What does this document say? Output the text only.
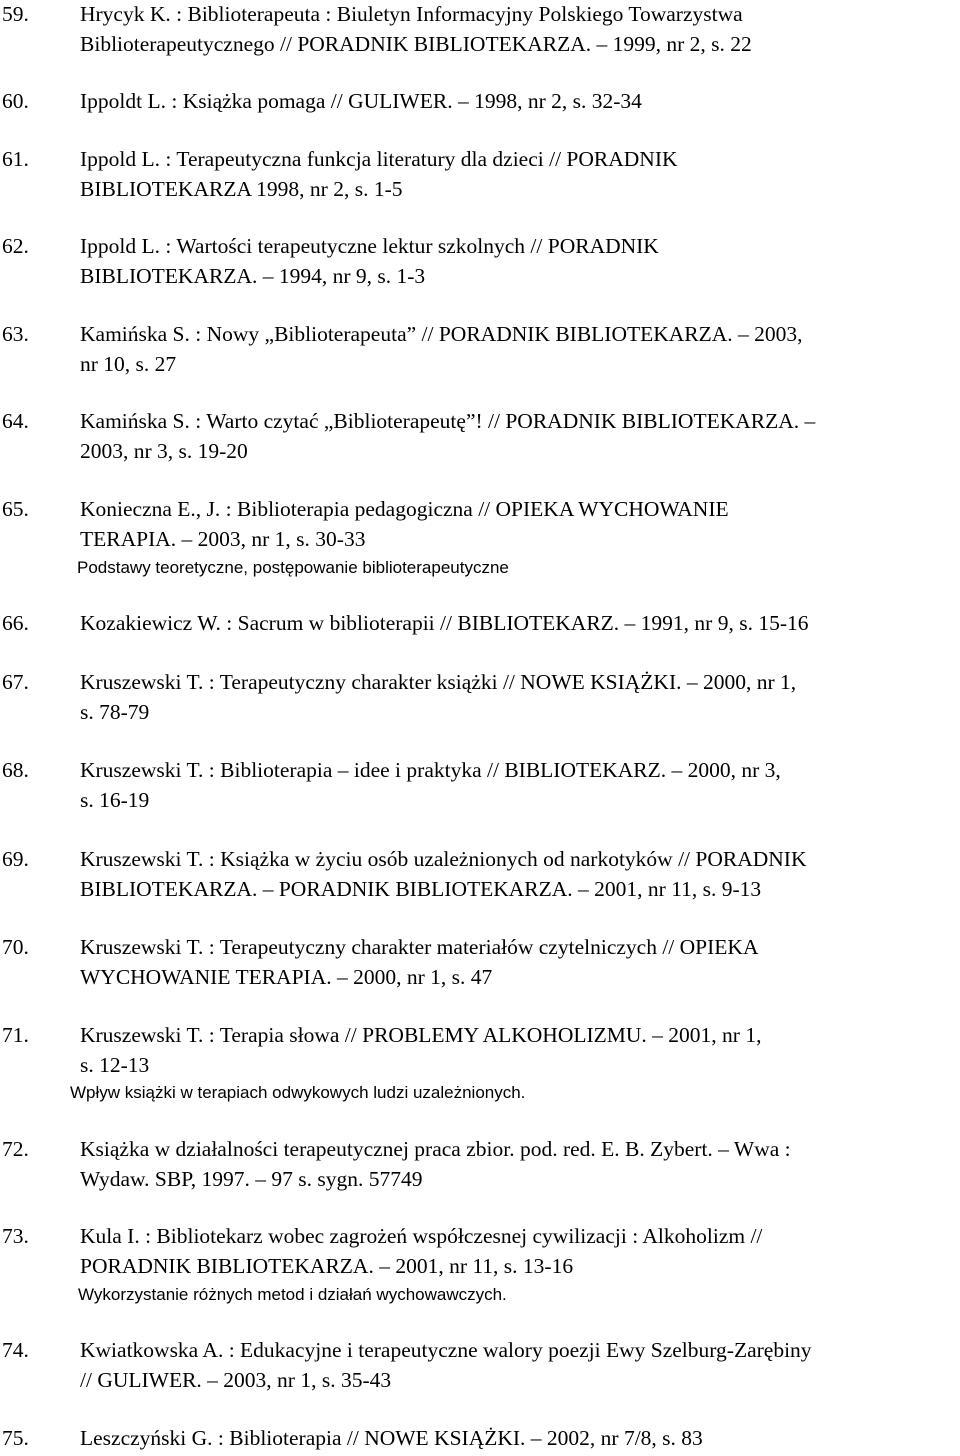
59. Hrycyk K. : Biblioterapeuta : Biuletyn Informacyjny Polskiego Towarzystwa
Biblioterapeutycznego // PORADNIK BIBLIOTEKARZA. – 1999, nr 2, s. 22
60. Ippoldt L. : Książka pomaga // GULIWER. – 1998, nr 2, s. 32-34
61. Ippold L. : Terapeutyczna funkcja literatury dla dzieci // PORADNIK
BIBLIOTEKARZA 1998, nr 2, s. 1-5
62. Ippold L. : Wartości terapeutyczne lektur szkolnych // PORADNIK
BIBLIOTEKARZA. – 1994, nr 9, s. 1-3
63. Kamińska S. : Nowy „Biblioterapeuta” // PORADNIK BIBLIOTEKARZA. – 2003,
nr 10, s. 27
64. Kamińska S. : Warto czytać „Biblioterapeutę”! // PORADNIK BIBLIOTEKARZA. –
2003, nr 3, s. 19-20
65. Konieczna E., J. : Biblioterapia pedagogiczna // OPIEKA WYCHOWANIE
TERAPIA. – 2003, nr 1, s. 30-33
Podstawy teoretyczne, postępowanie biblioterapeutyczne
66. Kozakiewicz W. : Sacrum w biblioterapii // BIBLIOTEKARZ. – 1991, nr 9, s. 15-16
67. Kruszewski T. : Terapeutyczny charakter książki // NOWE KSIĄŻKI. – 2000, nr 1,
s. 78-79
68. Kruszewski T. : Biblioterapia – idee i praktyka // BIBLIOTEKARZ. – 2000, nr 3,
s. 16-19
69. Kruszewski T. : Książka w życiu osób uzależnionych od narkotyków // PORADNIK
BIBLIOTEKARZA. – PORADNIK BIBLIOTEKARZA. – 2001, nr 11, s. 9-13
70. Kruszewski T. : Terapeutyczny charakter materiałów czytelniczych // OPIEKA
WYCHOWANIE TERAPIA. – 2000, nr 1, s. 47
71. Kruszewski T. : Terapia słowa // PROBLEMY ALKOHOLIZMU. – 2001, nr 1,
s. 12-13
Wpływ książki w terapiach odwykowych ludzi uzależnionych.
72. Książka w działalności terapeutycznej praca zbior. pod. red. E. B. Zybert. – Wwa :
Wydaw. SBP, 1997. – 97 s. sygn. 57749
73. Kula I. : Bibliotekarz wobec zagrożeń współczesnej cywilizacji : Alkoholizm //
PORADNIK BIBLIOTEKARZA. – 2001, nr 11, s. 13-16
Wykorzystanie różnych metod i działań wychowawczych.
74. Kwiatkowska A. : Edukacyjne i terapeutyczne walory poezji Ewy Szelburg-Zarębiny
// GULIWER. – 2003, nr 1, s. 35-43
75. Leszczyński G. : Biblioterapia // NOWE KSIĄŻKI. – 2002, nr 7/8, s. 83
